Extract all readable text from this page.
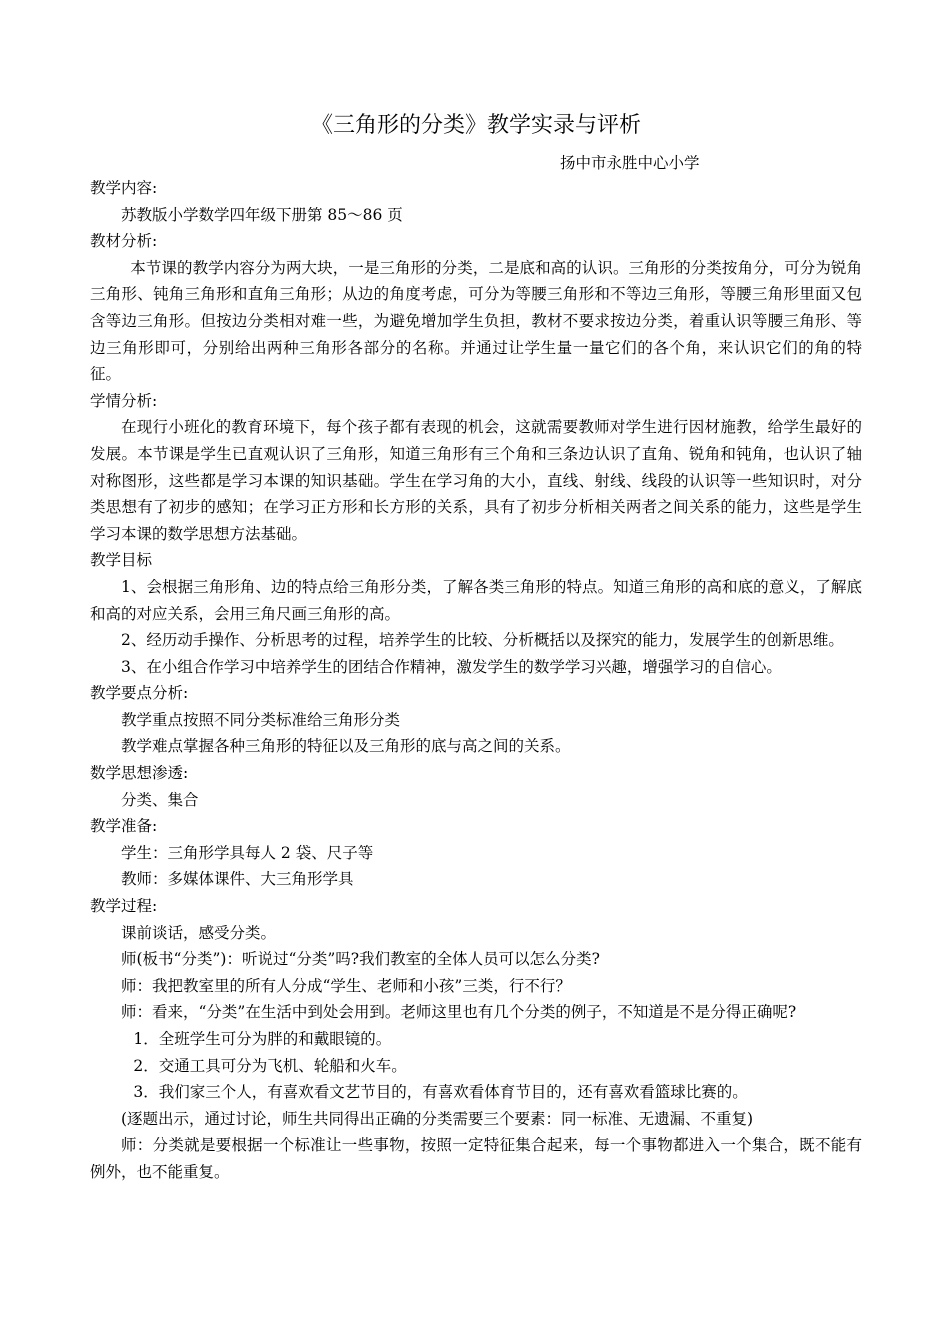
《三角形的分类》教学实录与评析
扬中市永胜中心小学

教学内容:

苏教版小学数学四年级下册第 85～86 页

教材分析:

本节课的教学内容分为两大块，一是三角形的分类，二是底和高的认识。三角形的分类按角分，可分为锐角三角形、钝角三角形和直角三角形；从边的角度考虑，可分为等腰三角形和不等边三角形，等腰三角形里面又包含等边三角形。但按边分类相对难一些，为避免增加学生负担，教材不要求按边分类，着重认识等腰三角形、等边三角形即可，分别给出两种三角形各部分的名称。并通过让学生量一量它们的各个角，来认识它们的角的特征。

学情分析:

在现行小班化的教育环境下，每个孩子都有表现的机会，这就需要教师对学生进行因材施教，给学生最好的发展。本节课是学生已直观认识了三角形，知道三角形有三个角和三条边认识了直角、锐角和钝角，也认识了轴对称图形，这些都是学习本课的知识基础。学生在学习角的大小，直线、射线、线段的认识等一些知识时，对分类思想有了初步的感知；在学习正方形和长方形的关系，具有了初步分析相关两者之间关系的能力，这些是学生学习本课的数学思想方法基础。

教学目标

1、会根据三角形角、边的特点给三角形分类，了解各类三角形的特点。知道三角形的高和底的意义，了解底和高的对应关系，会用三角尺画三角形的高。

2、经历动手操作、分析思考的过程，培养学生的比较、分析概括以及探究的能力，发展学生的创新思维。

3、在小组合作学习中培养学生的团结合作精神，激发学生的数学学习兴趣，增强学习的自信心。

教学要点分析:

教学重点按照不同分类标准给三角形分类

教学难点掌握各种三角形的特征以及三角形的底与高之间的关系。

数学思想渗透:

分类、集合

教学准备:

学生：三角形学具每人 2 袋、尺子等

教师：多媒体课件、大三角形学具

教学过程:

课前谈话，感受分类。

师(板书“分类”)：听说过“分类”吗?我们教室的全体人员可以怎么分类?

师：我把教室里的所有人分成“学生、老师和小孩”三类，行不行？

师：看来，“分类”在生活中到处会用到。老师这里也有几个分类的例子，不知道是不是分得正确呢?

1．全班学生可分为胖的和戴眼镜的。

2．交通工具可分为飞机、轮船和火车。

3．我们家三个人，有喜欢看文艺节目的，有喜欢看体育节目的，还有喜欢看篮球比赛的。

(逐题出示，通过讨论，师生共同得出正确的分类需要三个要素：同一标准、无遗漏、不重复)

师：分类就是要根据一个标准让一些事物，按照一定特征集合起来，每一个事物都进入一个集合，既不能有例外，也不能重复。
